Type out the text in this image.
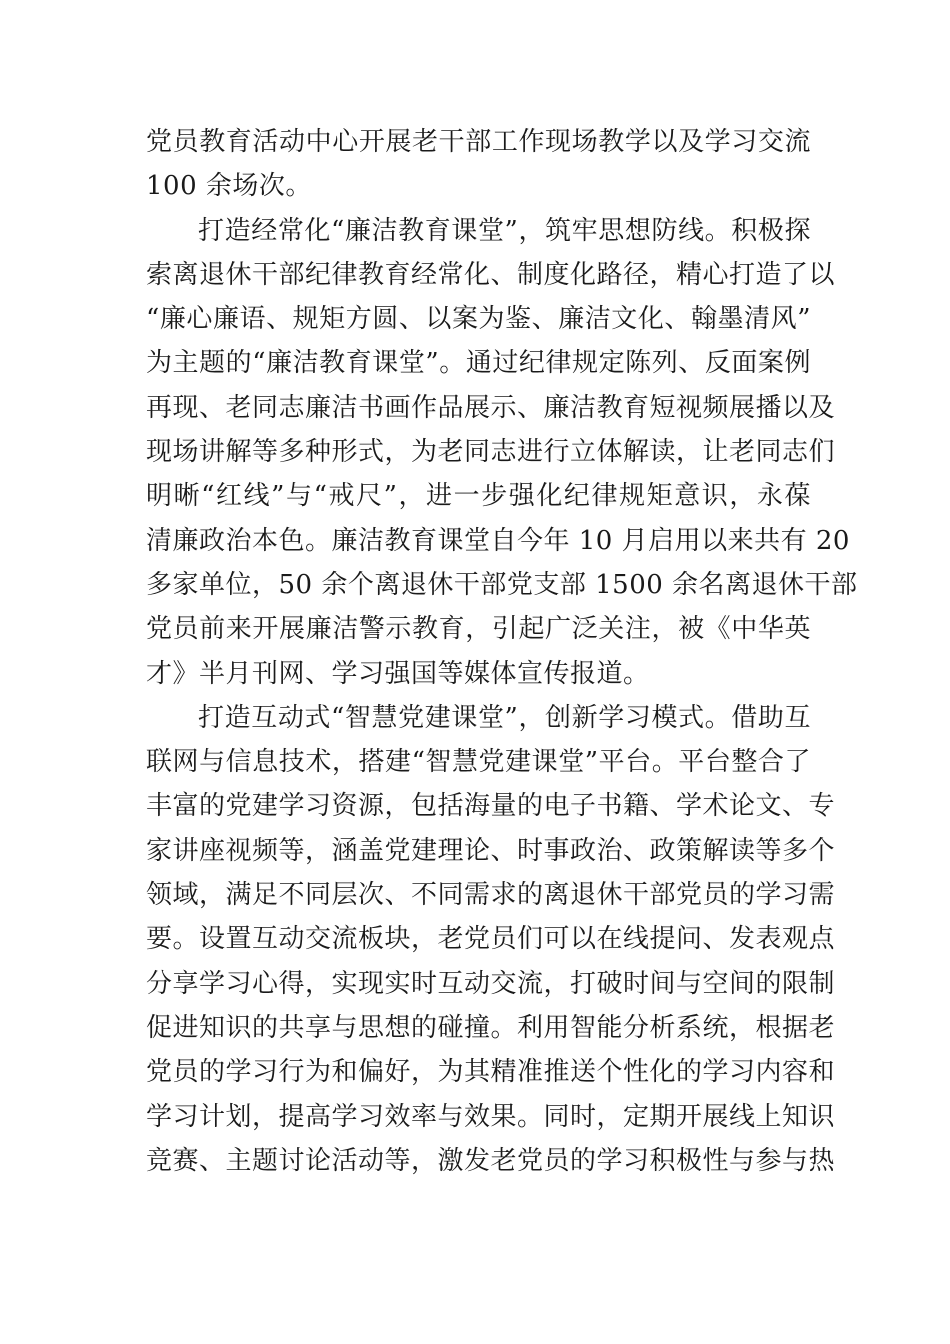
党员教育活动中心开展老干部工作现场教学以及学习交流
100 余场次。
打造经常化“廉洁教育课堂”，筑牢思想防线。积极探
索离退休干部纪律教育经常化、制度化路径，精心打造了以
“廉心廉语、规矩方圆、以案为鉴、廉洁文化、翰墨清风”
为主题的“廉洁教育课堂”。通过纪律规定陈列、反面案例
再现、老同志廉洁书画作品展示、廉洁教育短视频展播以及
现场讲解等多种形式，为老同志进行立体解读，让老同志们
明晰“红线”与“戒尺”，进一步强化纪律规矩意识，永葆
清廉政治本色。廉洁教育课堂自今年 10 月启用以来共有 20
多家单位，50 余个离退休干部党支部 1500 余名离退休干部
党员前来开展廉洁警示教育，引起广泛关注，被《中华英
才》半月刊网、学习强国等媒体宣传报道。
打造互动式“智慧党建课堂”，创新学习模式。借助互
联网与信息技术，搭建“智慧党建课堂”平台。平台整合了
丰富的党建学习资源，包括海量的电子书籍、学术论文、专
家讲座视频等，涵盖党建理论、时事政治、政策解读等多个
领域，满足不同层次、不同需求的离退休干部党员的学习需
要。设置互动交流板块，老党员们可以在线提问、发表观点
分享学习心得，实现实时互动交流，打破时间与空间的限制
促进知识的共享与思想的碰撞。利用智能分析系统，根据老
党员的学习行为和偏好，为其精准推送个性化的学习内容和
学习计划，提高学习效率与效果。同时，定期开展线上知识
竞赛、主题讨论活动等，激发老党员的学习积极性与参与热
